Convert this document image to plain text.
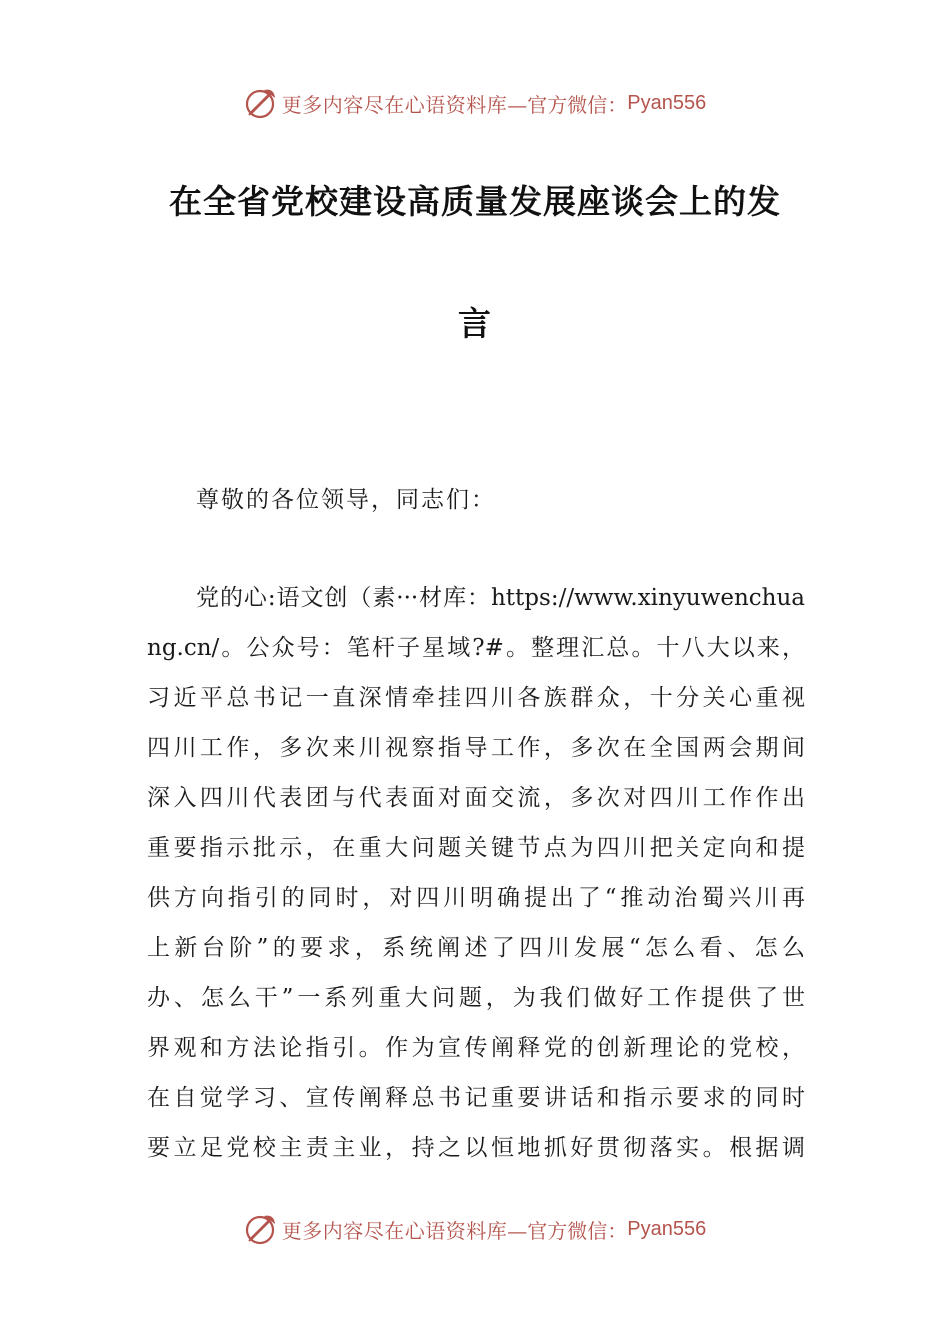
更多内容尽在心语资料库 —官方微信： Pyan556
在全省党校建设高质量发展座谈会上的发
言
尊敬的各位领导，同志们：
党的心:语文创（素···材库：https://www.xinyuwenchua
ng.cn/。公众号：笔杆子星域?#。整理汇总。十八大以来，
习近平总书记一直深情牵挂四川各族群众，十分关心重视
四川工作，多次来川视察指导工作，多次在全国两会期间
深入四川代表团与代表面对面交流，多次对四川工作作出
重要指示批示，在重大问题关键节点为四川把关定向和提
供方向指引的同时，对四川明确提出了“推动治蜀兴川再
上新台阶”的要求，系统阐述了四川发展“怎么看、怎么
办、怎么干”一系列重大问题，为我们做好工作提供了世
界观和方法论指引。作为宣传阐释党的创新理论的党校，
在自觉学习、宣传阐释总书记重要讲话和指示要求的同时
要立足党校主责主业，持之以恒地抓好贯彻落实。根据调
更多内容尽在心语资料库 —官方微信： Pyan556
